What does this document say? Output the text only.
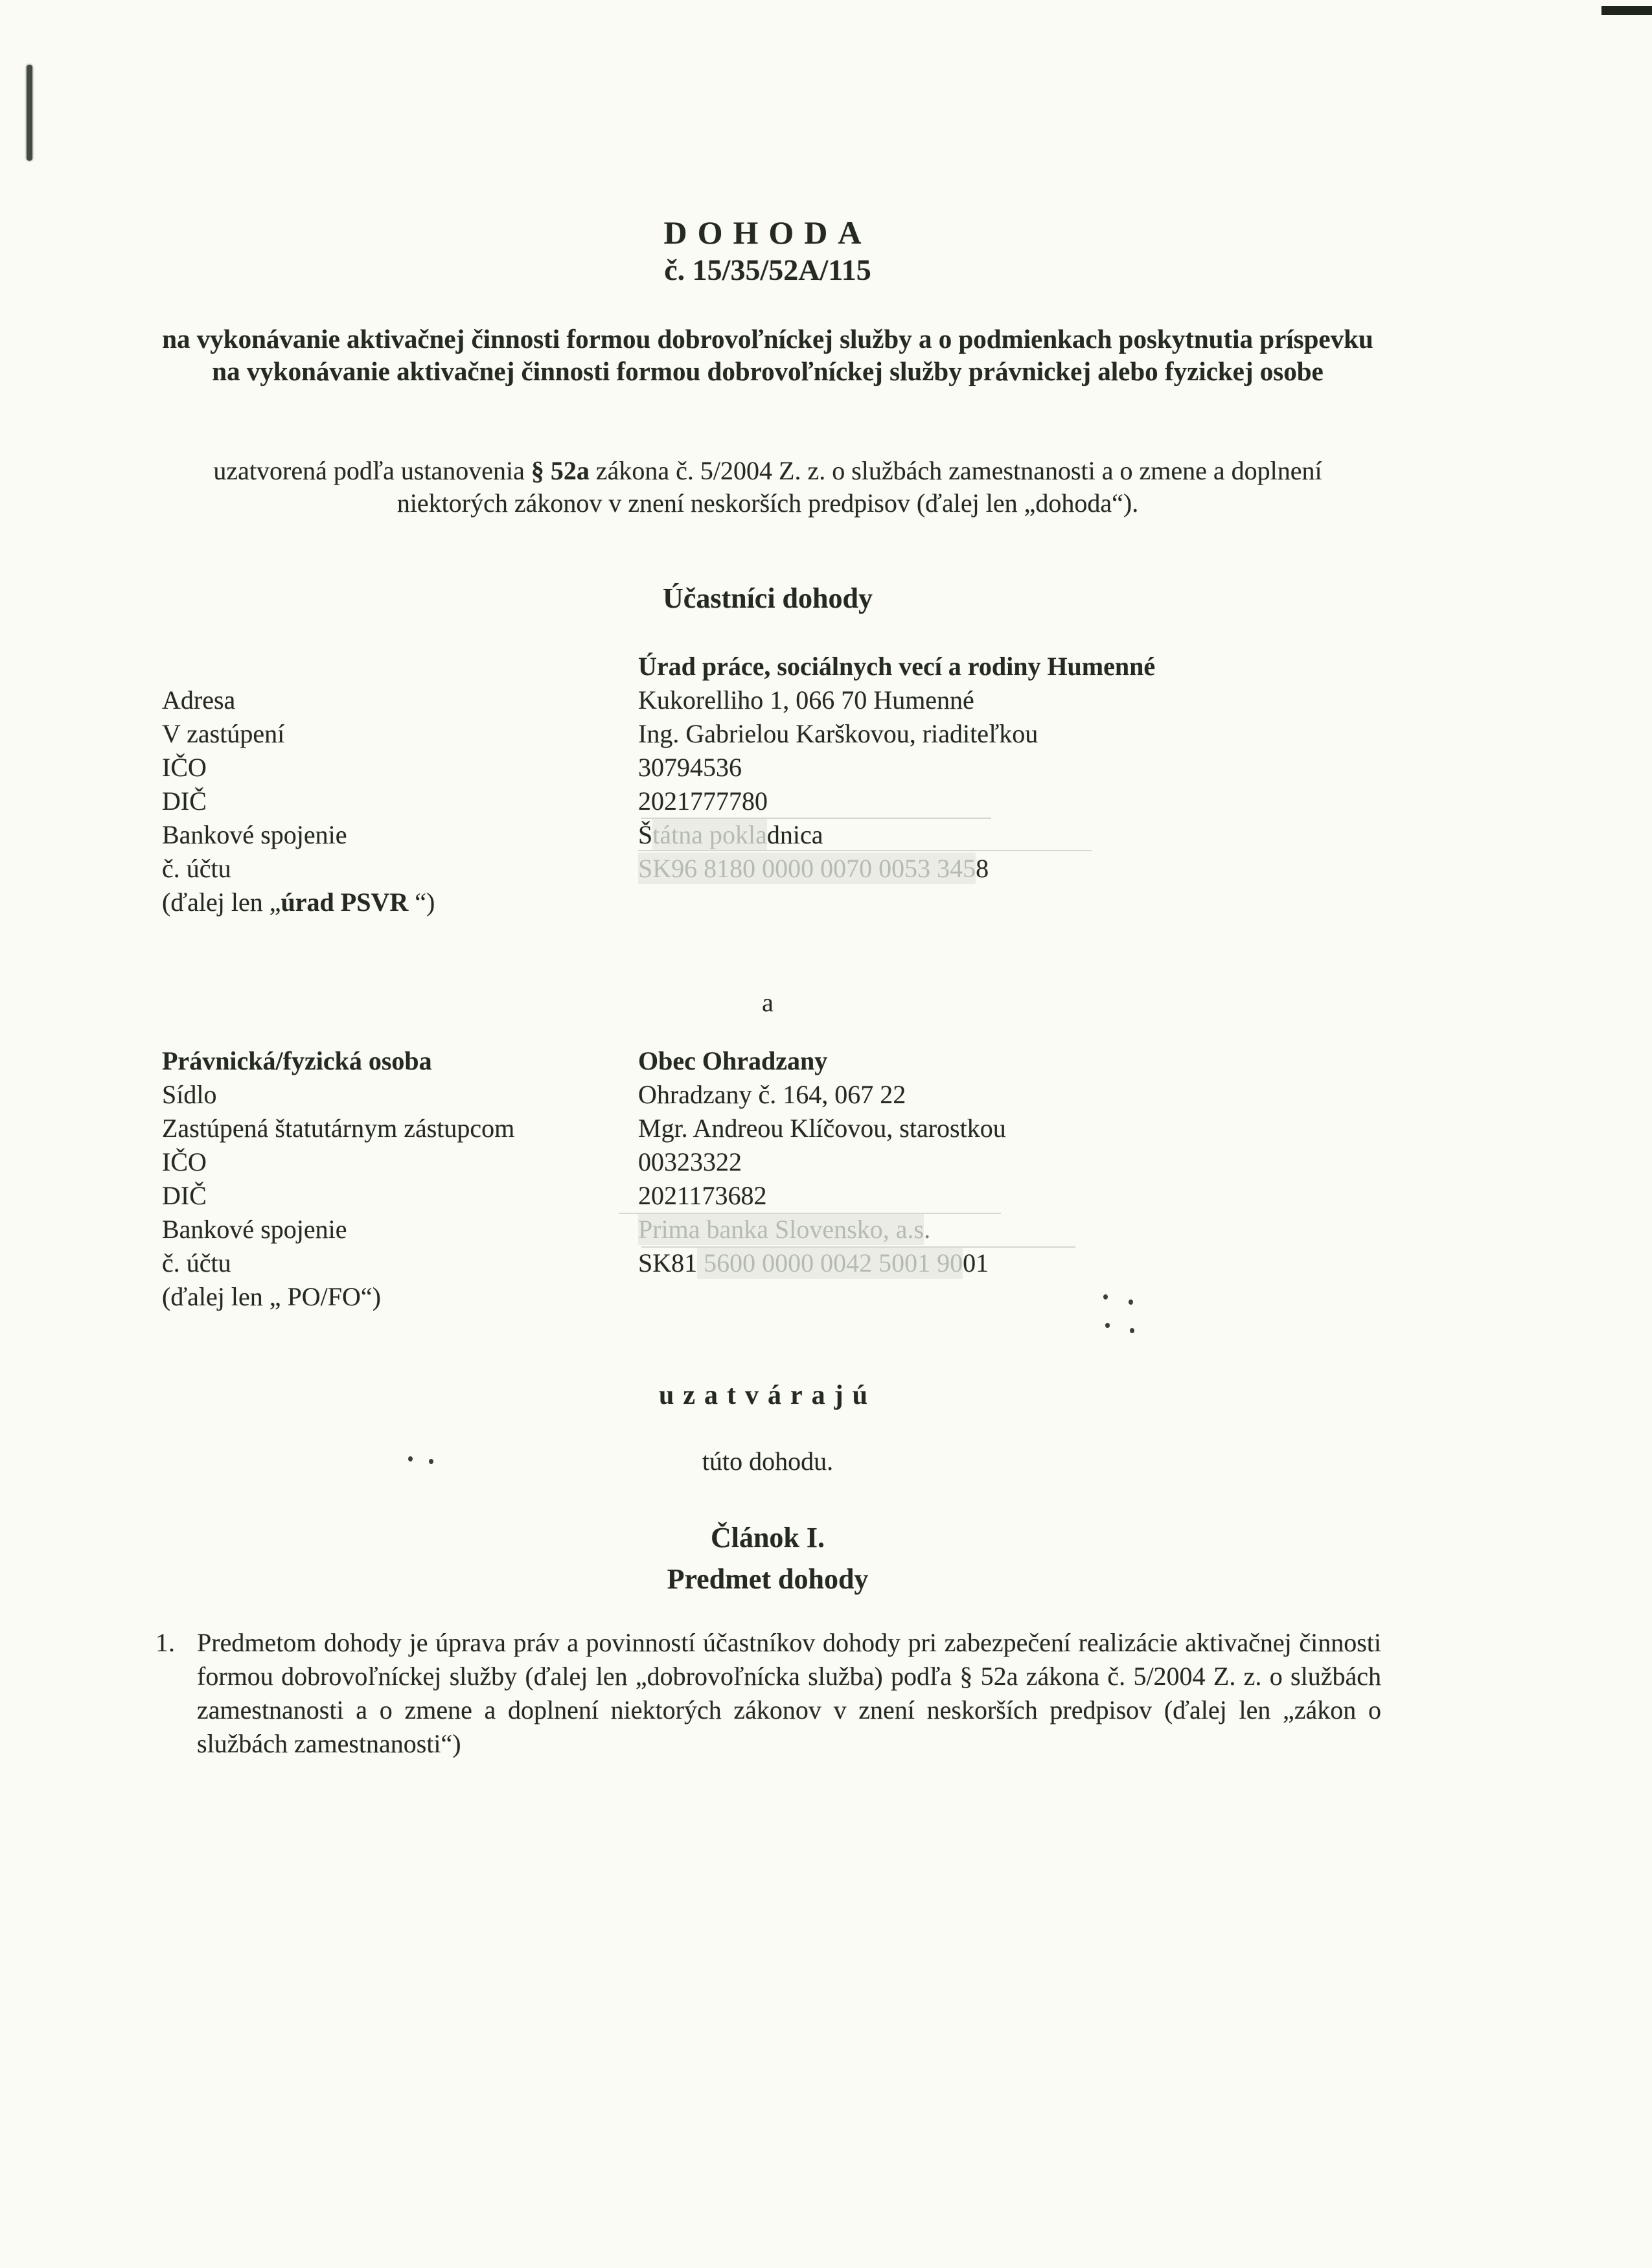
DOHODA
č. 15/35/52A/115
na vykonávanie aktivačnej činnosti formou dobrovoľníckej služby a o podmienkach poskytnutia príspevku na vykonávanie aktivačnej činnosti formou dobrovoľníckej služby právnickej alebo fyzickej osobe
uzatvorená podľa ustanovenia § 52a zákona č. 5/2004 Z. z. o službách zamestnanosti a o zmene a doplnení niektorých zákonov v znení neskorších predpisov (ďalej len „dohoda“).
Účastníci dohody
Úrad práce, sociálnych vecí a rodiny Humenné
Adresa	Kukorelliho 1, 066 70 Humenné
V zastúpení	Ing. Gabrielou Karškovou, riaditeľkou
IČO	30794536
DIČ	2021777780
Bankové spojenie	Štátna pokladnica
č. účtu	SK96 8180 0000 0070 0053 3458
(ďalej len „úrad PSVR “)
a
Právnická/fyzická osoba	Obec Ohradzany
Sídlo	Ohradzany č. 164, 067 22
Zastúpená štatutárnym zástupcom	Mgr. Andreou Klíčovou, starostkou
IČO	00323322
DIČ	2021173682
Bankové spojenie	Prima banka Slovensko, a.s.
č. účtu	SK81 5600 0000 0042 5001 9001
(ďalej len „ PO/FO“)
uzatvárajú
túto dohodu.
Článok I.
Predmet dohody
1. Predmetom dohody je úprava práv a povinností účastníkov dohody pri zabezpečení realizácie aktivačnej činnosti formou dobrovoľníckej služby (ďalej len „dobrovoľnícka služba) podľa § 52a zákona č. 5/2004 Z. z. o službách zamestnanosti a o zmene a doplnení niektorých zákonov v znení neskorších predpisov (ďalej len „zákon o službách zamestnanosti“)
